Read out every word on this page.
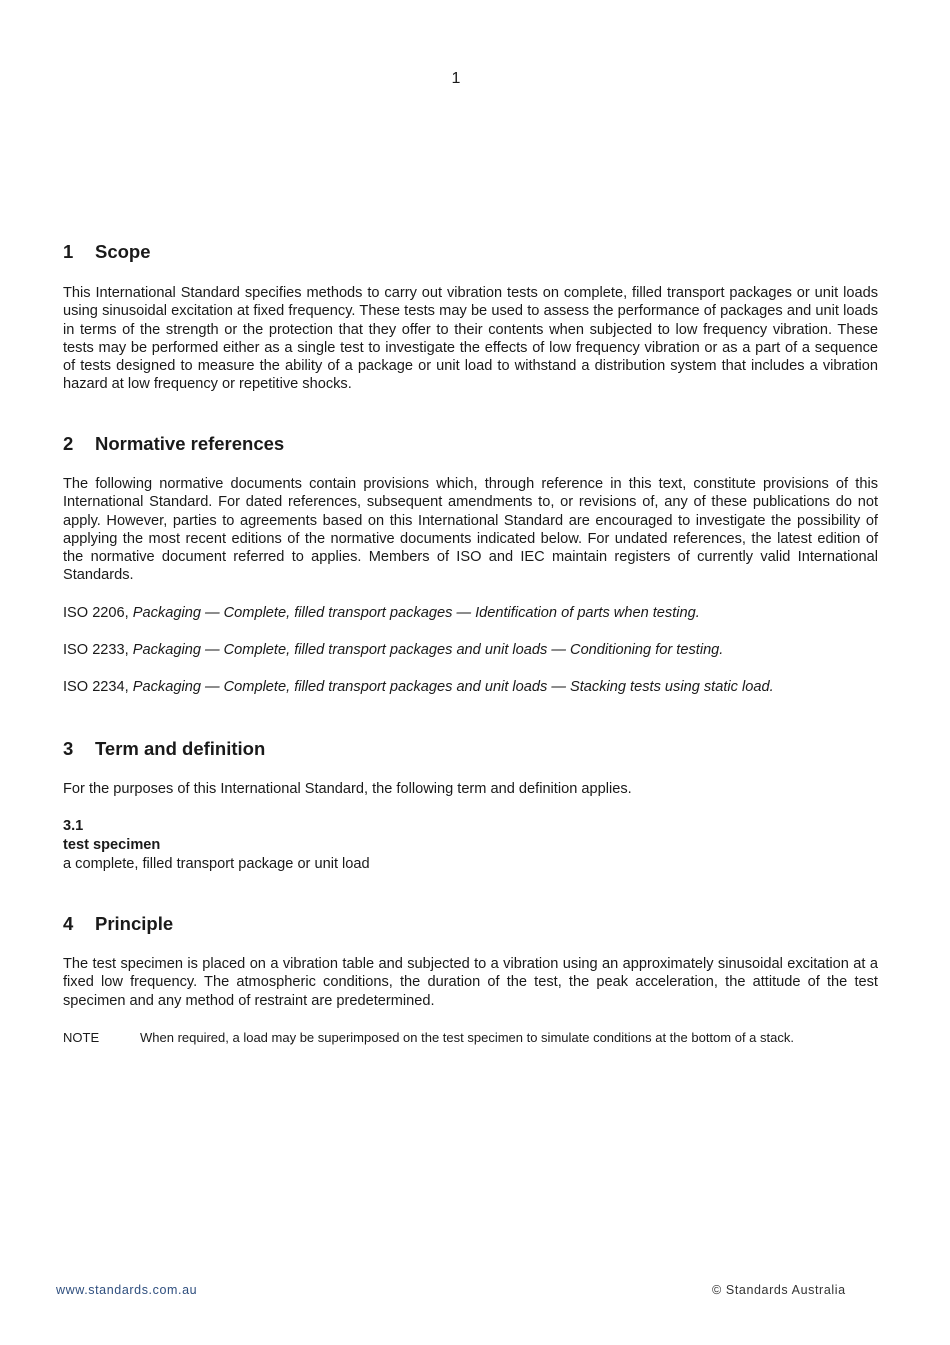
1
1 Scope

This International Standard specifies methods to carry out vibration tests on complete, filled transport packages or unit loads using sinusoidal excitation at fixed frequency. These tests may be used to assess the performance of packages and unit loads in terms of the strength or the protection that they offer to their contents when subjected to low frequency vibration. These tests may be performed either as a single test to investigate the effects of low frequency vibration or as a part of a sequence of tests designed to measure the ability of a package or unit load to withstand a distribution system that includes a vibration hazard at low frequency or repetitive shocks.

2 Normative references

The following normative documents contain provisions which, through reference in this text, constitute provisions of this International Standard. For dated references, subsequent amendments to, or revisions of, any of these publications do not apply. However, parties to agreements based on this International Standard are encouraged to investigate the possibility of applying the most recent editions of the normative documents indicated below. For undated references, the latest edition of the normative document referred to applies. Members of ISO and IEC maintain registers of currently valid International Standards.

ISO 2206, Packaging — Complete, filled transport packages — Identification of parts when testing.

ISO 2233, Packaging — Complete, filled transport packages and unit loads — Conditioning for testing.

ISO 2234, Packaging — Complete, filled transport packages and unit loads — Stacking tests using static load.

3 Term and definition

For the purposes of this International Standard, the following term and definition applies.

3.1

test specimen

a complete, filled transport package or unit load

4 Principle

The test specimen is placed on a vibration table and subjected to a vibration using an approximately sinusoidal excitation at a fixed low frequency. The atmospheric conditions, the duration of the test, the peak acceleration, the attitude of the test specimen and any method of restraint are predetermined.

NOTE	When required, a load may be superimposed on the test specimen to simulate conditions at the bottom of a stack.
www.standards.com.au	© Standards Australia
